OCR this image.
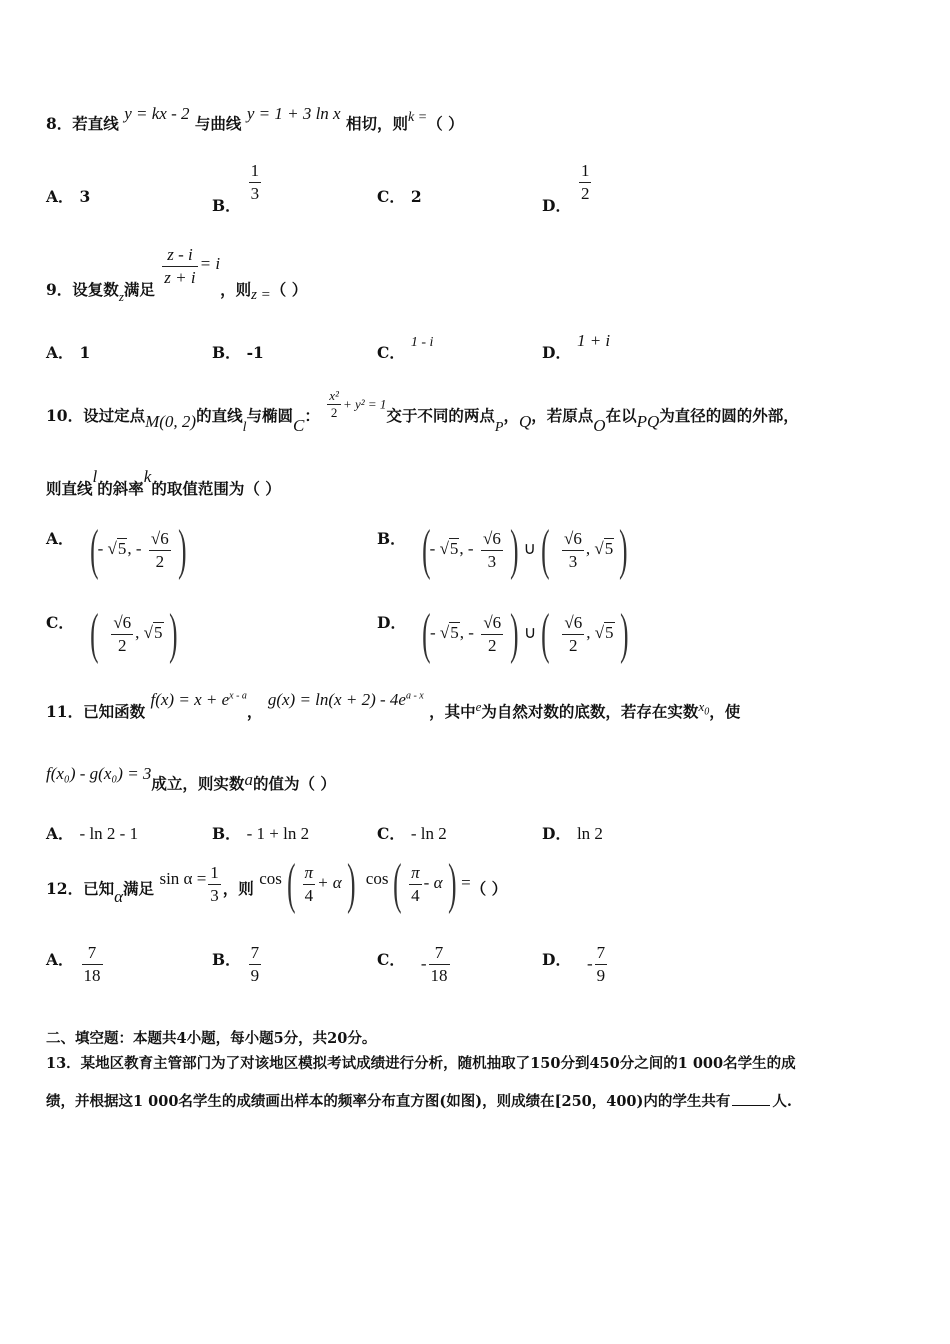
8．若直线 y = kx - 2 与曲线 y = 1 + 3 ln x 相切，则k =（ ）
A． 3	B． $\frac{1}{3}$	C． 2	D． $\frac{1}{2}$
9．设复数$_z$满足 $\frac{z - i}{z + i} = i$，则z =（ ）
A． 1	B． -1	C．1 - i
D．1 + i
10．设过定点M(0, 2)的直线l与椭圆C： $\frac{\text{x²}}{2} + y^2 = 1$交于不同的两点P，Q，若原点O在以PQ为直径的圆的外部，
则直线l的斜率k的取值范围为（ ）
A． (- √5, - $\frac{√6}{2}$ )	B． (- √5, - $\frac{√6}{3}$ ) ∪( $\frac{√6}{3}$ , √5 )
C． ( $\frac{√6}{2}$ , √5 )	D． (- √5, - $\frac{√6}{2}$ ) ∪( $\frac{√6}{2}$ , √5 )
11．已知函数 $f(x) = x + e^{x - a}$， $g(x) = \ln(x + 2) - 4e^{a - x}$ ，其中$^e$为自然对数的底数，若存在实数$^{x_0}$，使
f(x₀) - g(x₀) = 3成立，则实数a的值为（ ）
A． - ln 2 - 1	B． - 1 + ln 2	C． - ln 2	D． ln 2
12．已知α满足 $\sin \alpha = \frac{1}{3}$ ，则 $\cos( \frac{\pi}{4} + \alpha)$ $\cos( \frac{\pi}{4} - \alpha)$ =（ ）
A． $\frac{7}{18}$	B． $\frac{7}{9}$	C． - $\frac{7}{18}$	D． - $\frac{7}{9}$
二、填空题：本题共4小题，每小题5分，共20分。
13．某地区教育主管部门为了对该地区模拟考试成绩进行分析，随机抽取了150分到450分之间的1 000名学生的成
绩，并根据这1 000名学生的成绩画出样本的频率分布直方图(如图)，则成绩在[250，400)内的学生共有	人.
